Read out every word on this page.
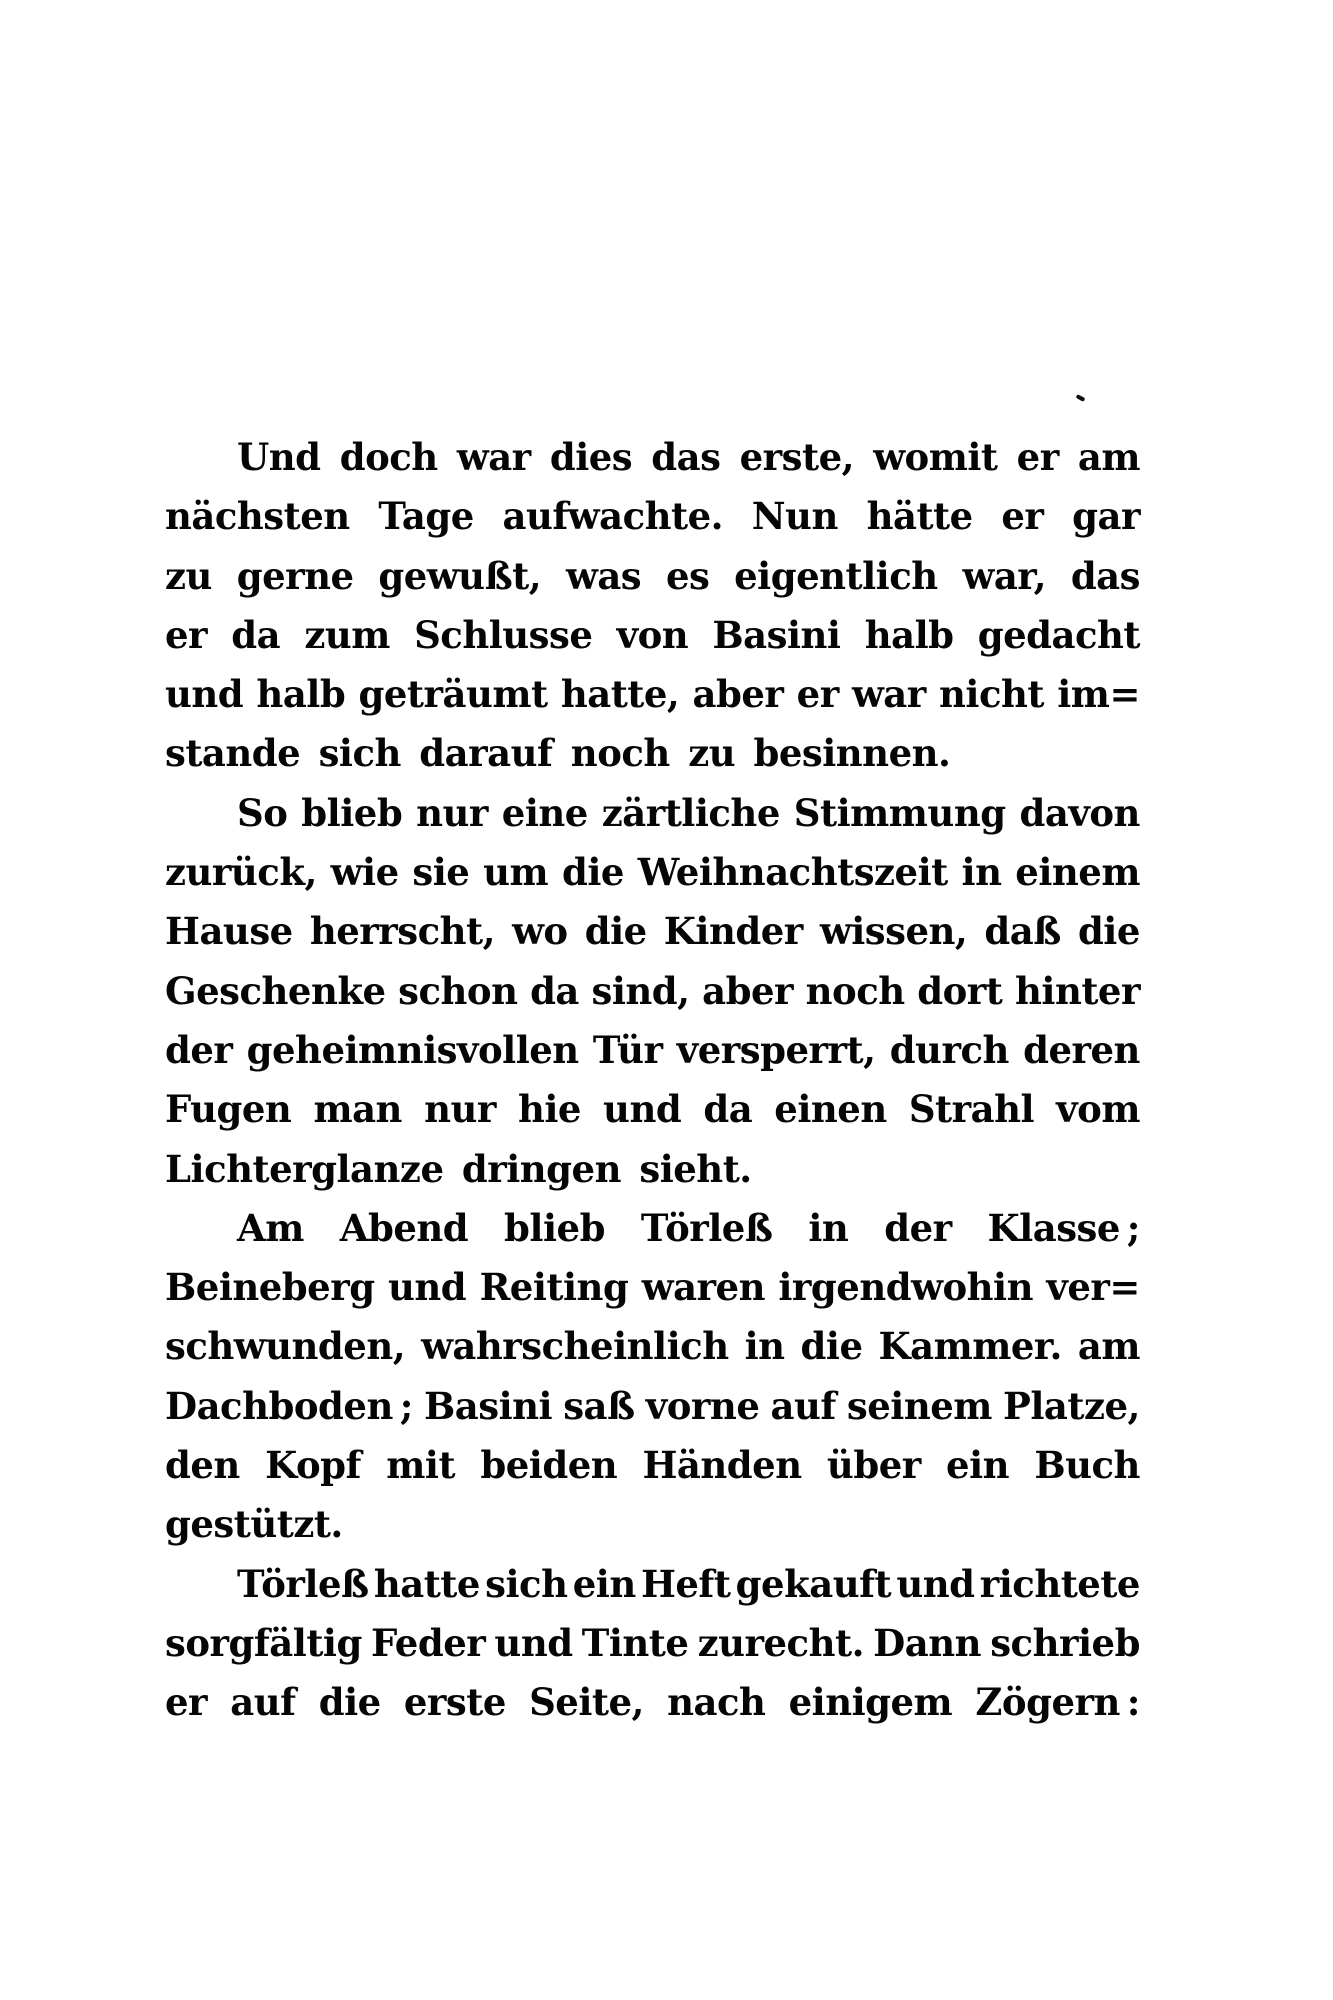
Und doch war dies das erste, womit er am
nächsten Tage aufwachte. Nun hätte er gar
zu gerne gewußt, was es eigentlich war, das
er da zum Schlusse von Basini halb gedacht
und halb geträumt hatte, aber er war nicht im=
stande sich darauf noch zu besinnen.
So blieb nur eine zärtliche Stimmung davon
zurück, wie sie um die Weihnachtszeit in einem
Hause herrscht, wo die Kinder wissen, daß die
Geschenke schon da sind, aber noch dort hinter
der geheimnisvollen Tür versperrt, durch deren
Fugen man nur hie und da einen Strahl vom
Lichterglanze dringen sieht.
Am Abend blieb Törleß in der Klasse ;
Beineberg und Reiting waren irgendwohin ver=
schwunden, wahrscheinlich in die Kammer. am
Dachboden ; Basini saß vorne auf seinem Platze,
den Kopf mit beiden Händen über ein Buch
gestützt.
Törleß hatte sich ein Heft gekauft und richtete
sorgfältig Feder und Tinte zurecht. Dann schrieb
er auf die erste Seite, nach einigem Zögern :
